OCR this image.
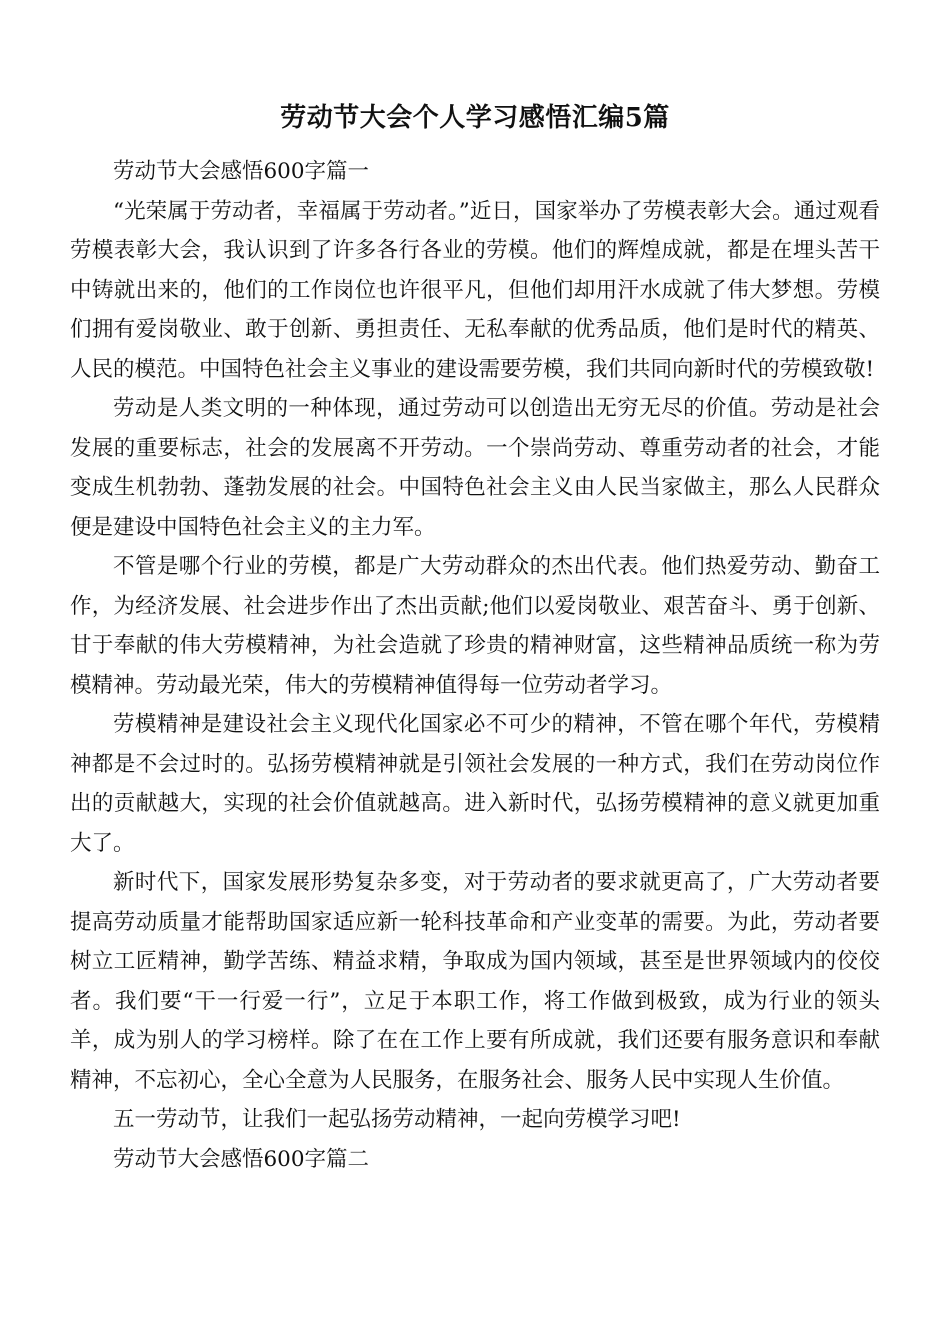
劳动节大会个人学习感悟汇编5篇

劳动节大会感悟600字篇一

“光荣属于劳动者，幸福属于劳动者。”近日，国家举办了劳模表彰大会。通过观看劳模表彰大会，我认识到了许多各行各业的劳模。他们的辉煌成就，都是在埋头苦干中铸就出来的，他们的工作岗位也许很平凡，但他们却用汗水成就了伟大梦想。劳模们拥有爱岗敬业、敢于创新、勇担责任、无私奉献的优秀品质，他们是时代的精英、人民的模范。中国特色社会主义事业的建设需要劳模，我们共同向新时代的劳模致敬!

劳动是人类文明的一种体现，通过劳动可以创造出无穷无尽的价值。劳动是社会发展的重要标志，社会的发展离不开劳动。一个崇尚劳动、尊重劳动者的社会，才能变成生机勃勃、蓬勃发展的社会。中国特色社会主义由人民当家做主，那么人民群众便是建设中国特色社会主义的主力军。

不管是哪个行业的劳模，都是广大劳动群众的杰出代表。他们热爱劳动、勤奋工作，为经济发展、社会进步作出了杰出贡献;他们以爱岗敬业、艰苦奋斗、勇于创新、甘于奉献的伟大劳模精神，为社会造就了珍贵的精神财富，这些精神品质统一称为劳模精神。劳动最光荣，伟大的劳模精神值得每一位劳动者学习。

劳模精神是建设社会主义现代化国家必不可少的精神，不管在哪个年代，劳模精神都是不会过时的。弘扬劳模精神就是引领社会发展的一种方式，我们在劳动岗位作出的贡献越大，实现的社会价值就越高。进入新时代，弘扬劳模精神的意义就更加重大了。

新时代下，国家发展形势复杂多变，对于劳动者的要求就更高了，广大劳动者要提高劳动质量才能帮助国家适应新一轮科技革命和产业变革的需要。为此，劳动者要树立工匠精神，勤学苦练、精益求精，争取成为国内领域，甚至是世界领域内的佼佼者。我们要“干一行爱一行”，立足于本职工作，将工作做到极致，成为行业的领头羊，成为别人的学习榜样。除了在在工作上要有所成就，我们还要有服务意识和奉献精神，不忘初心，全心全意为人民服务，在服务社会、服务人民中实现人生价值。

五一劳动节，让我们一起弘扬劳动精神，一起向劳模学习吧!

劳动节大会感悟600字篇二
